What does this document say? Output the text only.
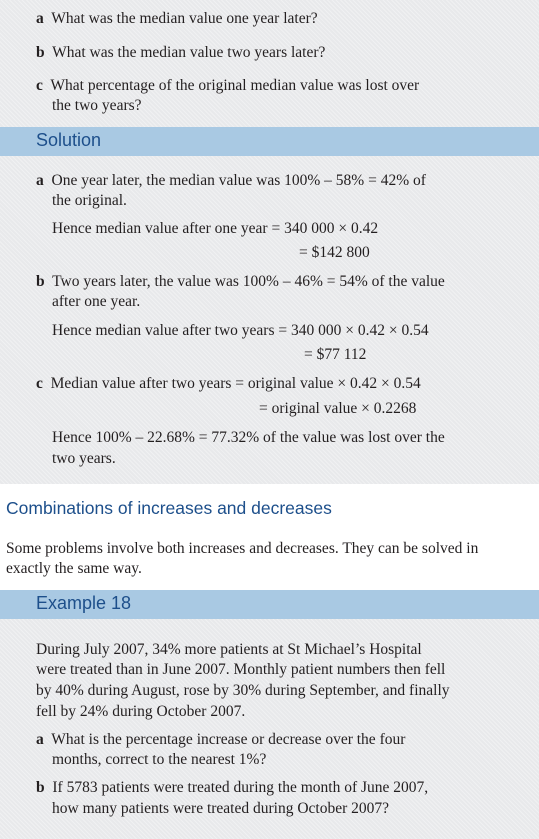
a What was the median value one year later?
b What was the median value two years later?
c What percentage of the original median value was lost over
the two years?
Solution
a One year later, the median value was 100% – 58% = 42% of
the original.
Hence median value after one year = 340 000 × 0.42
= $142 800
b Two years later, the value was 100% – 46% = 54% of the value
after one year.
Hence median value after two years = 340 000 × 0.42 × 0.54
= $77 112
c Median value after two years = original value × 0.42 × 0.54
= original value × 0.2268
Hence 100% – 22.68% = 77.32% of the value was lost over the
two years.
Combinations of increases and decreases
Some problems involve both increases and decreases. They can be solved in
exactly the same way.
Example 18
During July 2007, 34% more patients at St Michael’s Hospital
were treated than in June 2007. Monthly patient numbers then fell
by 40% during August, rose by 30% during September, and finally
fell by 24% during October 2007.
a What is the percentage increase or decrease over the four
months, correct to the nearest 1%?
b If 5783 patients were treated during the month of June 2007,
how many patients were treated during October 2007?
